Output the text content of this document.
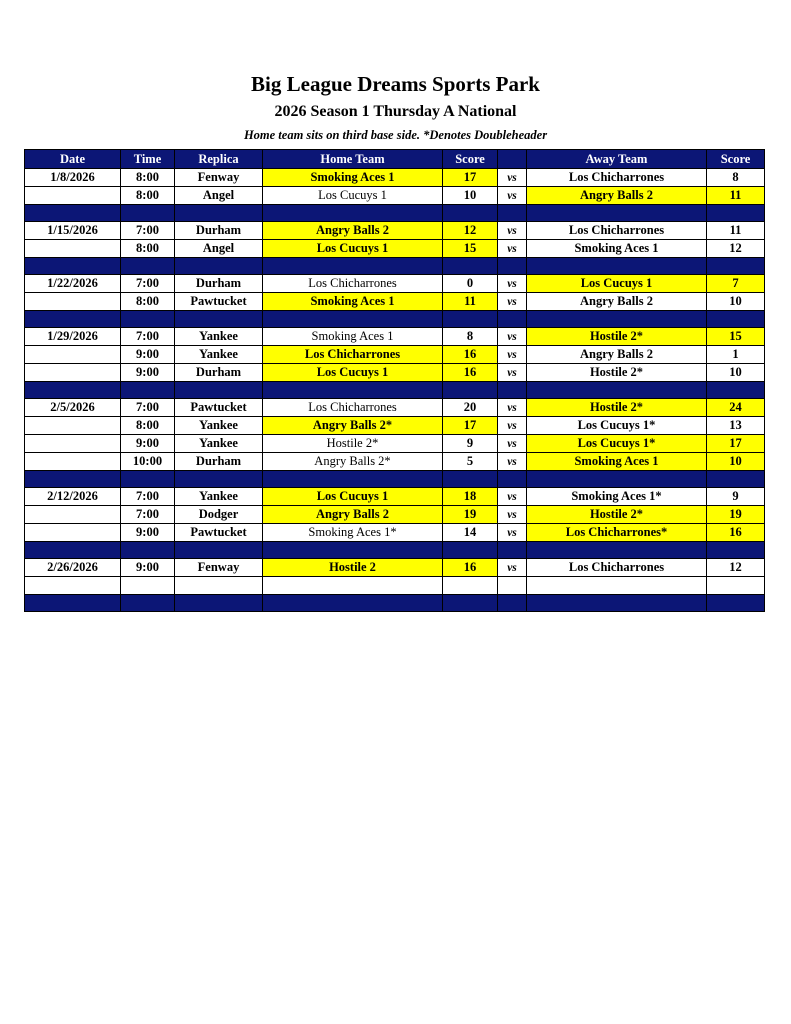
Big League Dreams Sports Park
2026 Season 1 Thursday A National
Home team sits on third base side. *Denotes Doubleheader
Date	Time	Replica	Home Team	Score		Away Team	Score
1/8/2026	8:00	Fenway	Smoking Aces 1	17	vs	Los Chicharrones	8
	8:00	Angel	Los Cucuys 1	10	vs	Angry Balls 2	11

1/15/2026	7:00	Durham	Angry Balls 2	12	vs	Los Chicharrones	11
	8:00	Angel	Los Cucuys 1	15	vs	Smoking Aces 1	12

1/22/2026	7:00	Durham	Los Chicharrones	0	vs	Los Cucuys 1	7
	8:00	Pawtucket	Smoking Aces 1	11	vs	Angry Balls 2	10

1/29/2026	7:00	Yankee	Smoking Aces 1	8	vs	Hostile 2*	15
	9:00	Yankee	Los Chicharrones	16	vs	Angry Balls 2	1
	9:00	Durham	Los Cucuys 1	16	vs	Hostile 2*	10

2/5/2026	7:00	Pawtucket	Los Chicharrones	20	vs	Hostile 2*	24
	8:00	Yankee	Angry Balls 2*	17	vs	Los Cucuys 1*	13
	9:00	Yankee	Hostile 2*	9	vs	Los Cucuys 1*	17
	10:00	Durham	Angry Balls 2*	5	vs	Smoking Aces 1	10

2/12/2026	7:00	Yankee	Los Cucuys 1	18	vs	Smoking Aces 1*	9
	7:00	Dodger	Angry Balls 2	19	vs	Hostile 2*	19
	9:00	Pawtucket	Smoking Aces 1*	14	vs	Los Chicharrones*	16

2/26/2026	9:00	Fenway	Hostile 2	16	vs	Los Chicharrones	12
